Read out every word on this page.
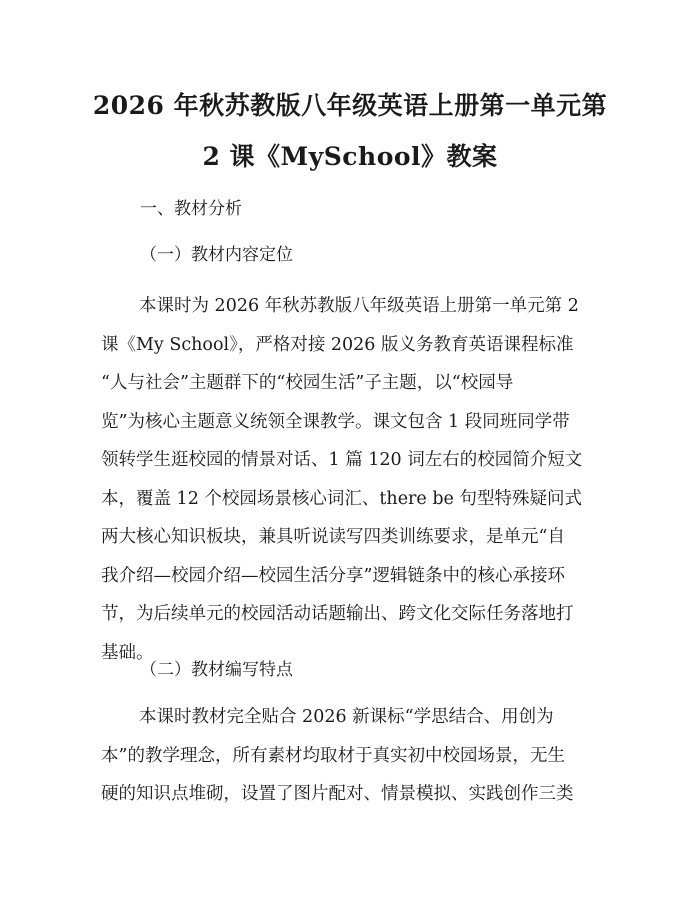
2026 年秋苏教版八年级英语上册第一单元第
2 课《MySchool》教案
一、教材分析
（一）教材内容定位
本课时为 2026 年秋苏教版八年级英语上册第一单元第 2
课《My School》，严格对接 2026 版义务教育英语课程标准
“人与社会”主题群下的“校园生活”子主题，以“校园导
览”为核心主题意义统领全课教学。课文包含 1 段同班同学带
领转学生逛校园的情景对话、1 篇 120 词左右的校园简介短文
本，覆盖 12 个校园场景核心词汇、there be 句型特殊疑问式
两大核心知识板块，兼具听说读写四类训练要求，是单元“自
我介绍—校园介绍—校园生活分享”逻辑链条中的核心承接环
节，为后续单元的校园活动话题输出、跨文化交际任务落地打
基础。
（二）教材编写特点
本课时教材完全贴合 2026 新课标“学思结合、用创为
本”的教学理念，所有素材均取材于真实初中校园场景，无生
硬的知识点堆砌，设置了图片配对、情景模拟、实践创作三类
